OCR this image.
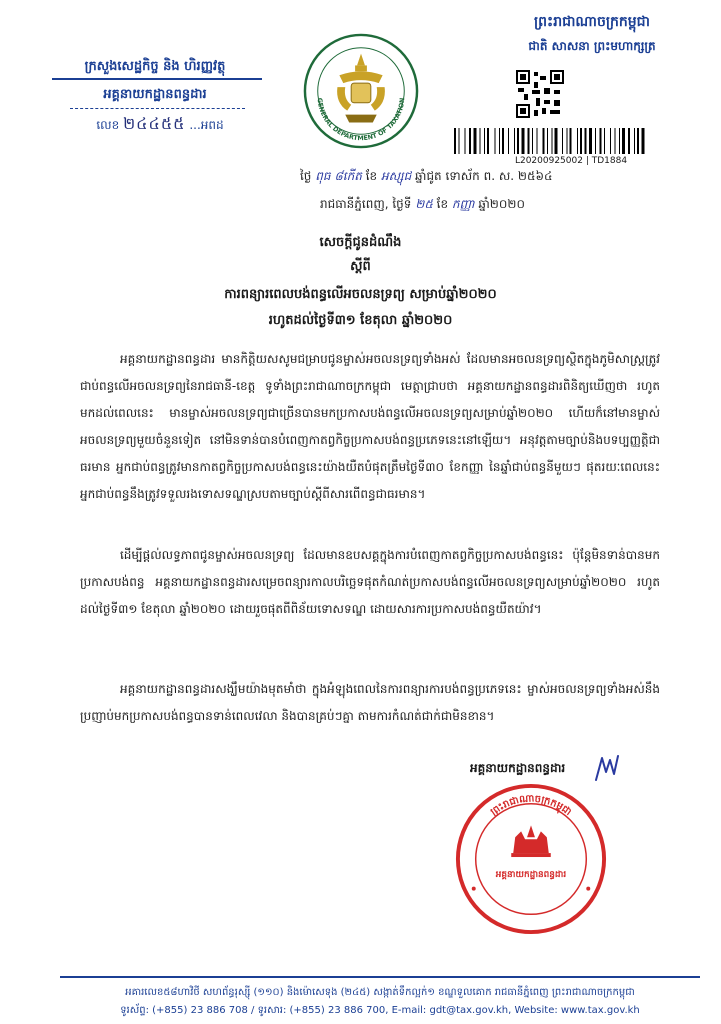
ក្រសួងសេដ្ឋកិច្ច និង ហិរញ្ញវត្ថុ
អគ្គនាយកដ្ឋានពន្ធដារ
លេខ ២៤៤៥៥ ...អពដ
GENERAL DEPARTMENT OF TAXATION
ព្រះរាជាណាចក្រកម្ពុជា
ជាតិ សាសនា ព្រះមហាក្សត្រ
L20200925002 | TD1884
ថ្ងៃ ពុធ ៨កើត ខែ អស្សុជ ឆ្នាំជូត ទោស័ក ព. ស. ២៥៦៤
រាជធានីភ្នំពេញ, ថ្ងៃទី ២៥ ខែ កញ្ញា ឆ្នាំ២០២០
សេចក្តីជូនដំណឹង
ស្តីពី
ការពន្យារពេលបង់ពន្ធលើអចលនទ្រព្យ សម្រាប់ឆ្នាំ២០២០
រហូតដល់ថ្ងៃទី៣១ ខែតុលា ឆ្នាំ២០២០
អគ្គនាយកដ្ឋានពន្ធដារ មានកិត្តិយសសូមជម្រាបជូនម្ចាស់អចលនទ្រព្យទាំងអស់ ដែលមានអចលនទ្រព្យស្ថិតក្នុងភូមិសាស្ត្រត្រូវជាប់ពន្ធលើអចលនទ្រព្យនៃរាជធានី-ខេត្ត ទូទាំងព្រះរាជាណាចក្រកម្ពុជា មេត្តាជ្រាបថា អគ្គនាយកដ្ឋានពន្ធដារពិនិត្យឃើញថា រហូតមកដល់ពេលនេះ មានម្ចាស់អចលនទ្រព្យជាច្រើនបានមកប្រកាសបង់ពន្ធលើអចលនទ្រព្យសម្រាប់ឆ្នាំ២០២០ ហើយក៏នៅមានម្ចាស់អចលនទ្រព្យមួយចំនួនទៀត នៅមិនទាន់បានបំពេញកាតព្វកិច្ចប្រកាសបង់ពន្ធប្រភេទនេះនៅឡើយ។ អនុវត្តតាមច្បាប់និងបទប្បញ្ញត្តិជាធរមាន អ្នកជាប់ពន្ធត្រូវមានកាតព្វកិច្ចប្រកាសបង់ពន្ធនេះយ៉ាងយឺតបំផុតត្រឹមថ្ងៃទី៣០ ខែកញ្ញា នៃឆ្នាំជាប់ពន្ធនីមួយៗ ផុតរយៈពេលនេះ អ្នកជាប់ពន្ធនឹងត្រូវទទួលរងទោសទណ្ឌស្របតាមច្បាប់ស្តីពីសារពើពន្ធជាធរមាន។
ដើម្បីផ្តល់លទ្ធភាពជូនម្ចាស់អចលនទ្រព្យ ដែលមានឧបសគ្គក្នុងការបំពេញកាតព្វកិច្ចប្រកាសបង់ពន្ធនេះ ប៉ុន្តែមិនទាន់បានមកប្រកាសបង់ពន្ធ អគ្គនាយកដ្ឋានពន្ធដារសម្រេចពន្យារកាលបរិច្ឆេទផុតកំណត់ប្រកាសបង់ពន្ធលើអចលនទ្រព្យសម្រាប់ឆ្នាំ២០២០ រហូតដល់ថ្ងៃទី៣១ ខែតុលា ឆ្នាំ២០២០ ដោយរួចផុតពីពិន័យទោសទណ្ឌ ដោយសារការប្រកាសបង់ពន្ធយឺតយ៉ាវ។
អគ្គនាយកដ្ឋានពន្ធដារសង្ឃឹមយ៉ាងមុតមាំថា ក្នុងអំឡុងពេលនៃការពន្យារការបង់ពន្ធប្រភេទនេះ ម្ចាស់អចលនទ្រព្យទាំងអស់នឹងប្រញាប់មកប្រកាសបង់ពន្ធបានទាន់ពេលវេលា និងបានគ្រប់ៗគ្នា តាមការកំណត់ជាក់ជាមិនខាន។
អគ្គនាយកដ្ឋានពន្ធដារ
ព្រះរាជាណាចក្រកម្ពុជា
អគ្គនាយកដ្ឋានពន្ធដារ
អគារលេខ៥៨ហាវិថី សហព័ន្ធរុស្ស៊ី (១១០) និងម៉ោសេទុង (២៤៥) សង្កាត់ទឹកល្អក់១ ខណ្ឌទួលគោក រាជធានីភ្នំពេញ ព្រះរាជាណាចក្រកម្ពុជា
ទូរស័ព្ទ: (+855) 23 886 708 / ទូរសារ: (+855) 23 886 700, E-mail: gdt@tax.gov.kh, Website: www.tax.gov.kh
